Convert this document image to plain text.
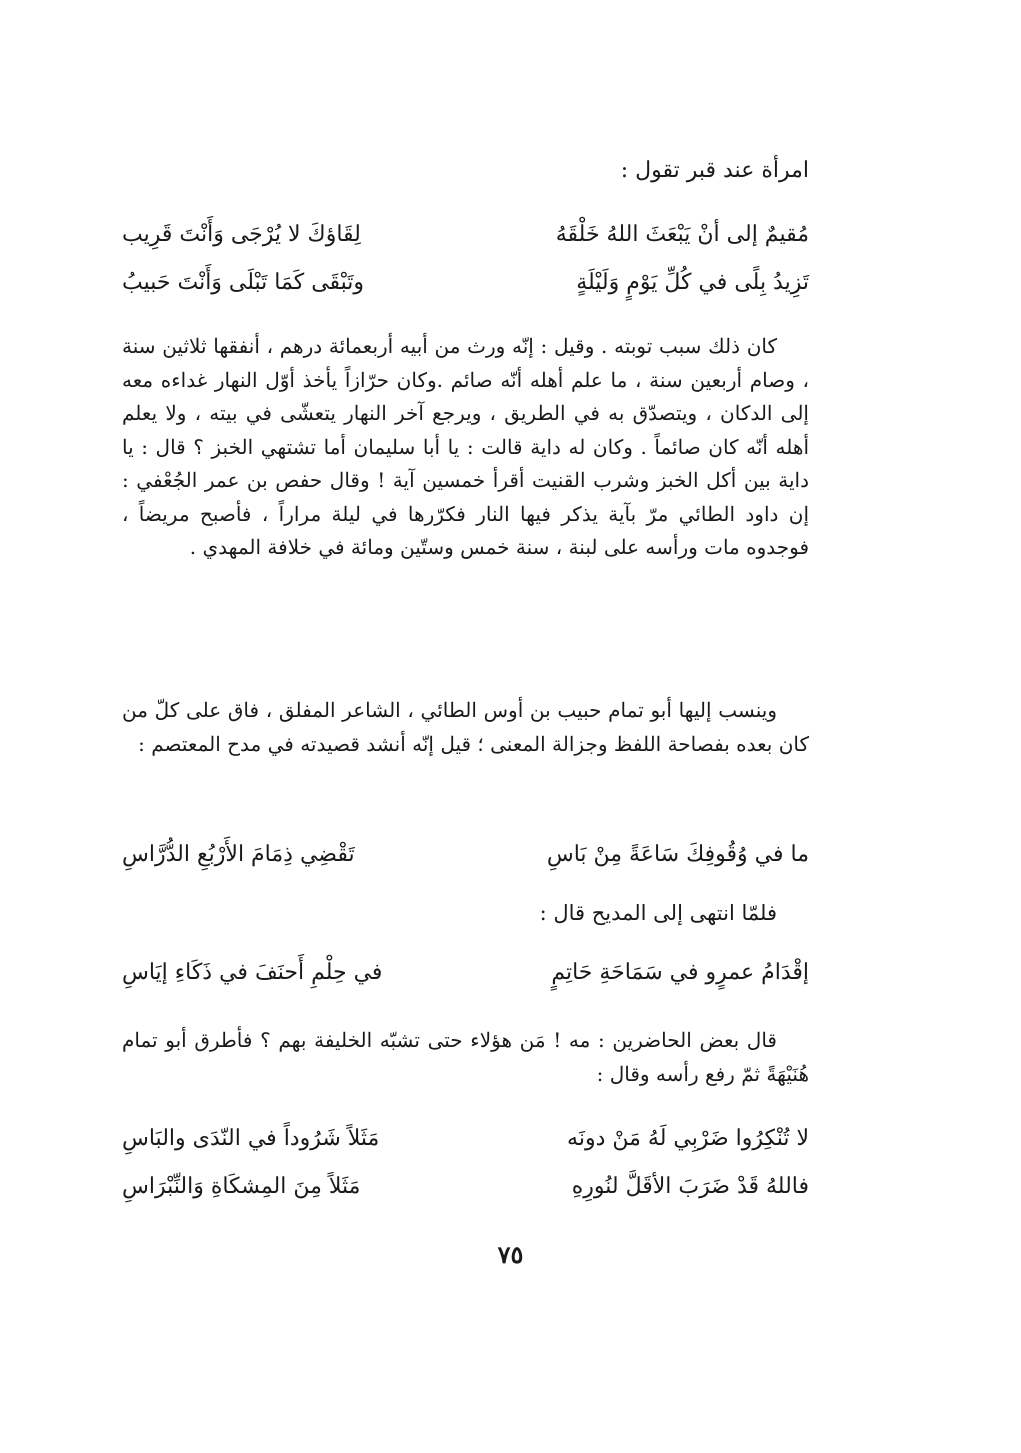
امرأة عند قبر تقول :
مُقيمٌ إلى أنْ يَبْعَثَ اللهُ خَلْقَهُ
لِقَاؤكَ لا يُرْجَى وَأَنْتَ قَرِيب
تَزِيدُ بِلًى في كُلِّ يَوْمٍ وَلَيْلَةٍ
وتَبْقَى كَمَا تَبْلَى وَأَنْتَ حَبيبُ

كان ذلك سبب توبته . وقيل : إنّه ورث من أبيه أربعمائة درهم ، أنفقها ثلاثين سنة ، وصام أربعين سنة ، ما علم أهله أنّه صائم .وكان حرّازاً يأخذ أوّل النهار غداءه معه إلى الدكان ، ويتصدّق به في الطريق ، ويرجع آخر النهار يتعشّى في بيته ، ولا يعلم أهله أنّه كان صائماً . وكان له داية قالت : يا أبا سليمان أما تشتهي الخبز ؟ قال : يا داية بين أكل الخبز وشرب القنيت أقرأ خمسين آية ! وقال حفص بن عمر الجُعْفي : إن داود الطائي مرّ بآية يذكر فيها النار فكرّرها في ليلة مراراً ، فأصبح مريضاً ، فوجدوه مات ورأسه على لبنة ، سنة خمس وستّين ومائة في خلافة المهدي .

وينسب إليها أبو تمام حبيب بن أوس الطائي ، الشاعر المفلق ، فاق على كلّ من كان بعده بفصاحة اللفظ وجزالة المعنى ؛ قيل إنّه أنشد قصيدته في مدح المعتصم :

ما في وُقُوفِكَ سَاعَةً مِنْ بَاسِ
تَقْضِي ذِمَامَ الأَرْبُعِ الدُّرَّاسِ
فلمّا انتهى إلى المديح قال :
إقْدَامُ عمرٍو في سَمَاحَةِ حَاتِمٍ
في حِلْمِ أَحنَفَ في ذَكَاءِ إيَاسِ

قال بعض الحاضرين : مه ! مَن هؤلاء حتى تشبّه الخليفة بهم ؟ فأطرق أبو تمام هُنَيْهَةً ثمّ رفع رأسه وقال :

لا تُنْكِرُوا ضَرْبِي لَهُ مَنْ دونَه
مَثَلاً شَرُوداً في النّدَى والبَاسِ
فاللهُ قَدْ ضَرَبَ الأقَلَّ لنُورِهِ
مَثَلاً مِنَ المِشكَاةِ وَالنِّبْرَاسِ
٧٥
